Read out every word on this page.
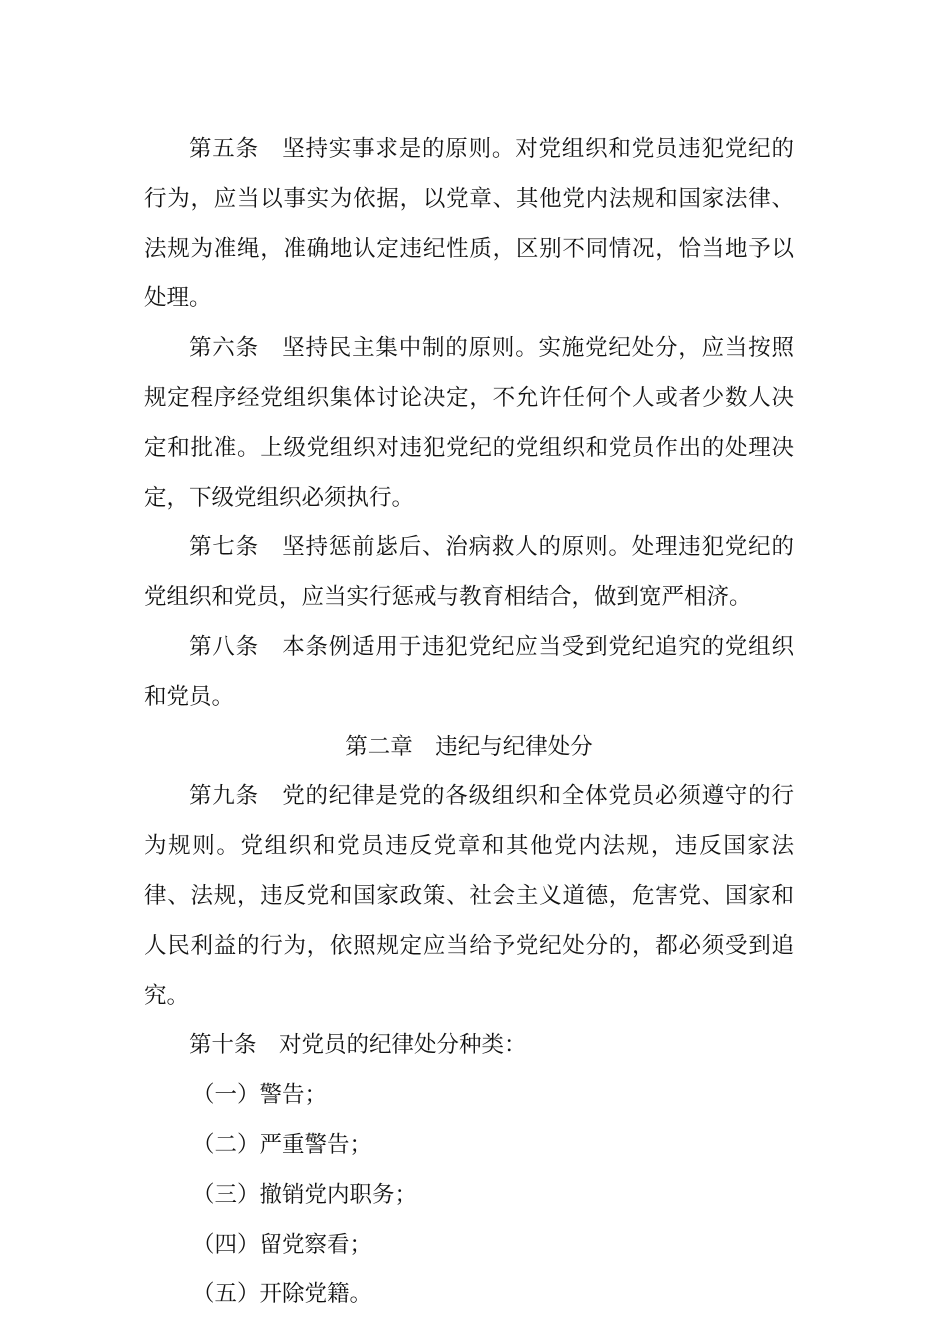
第五条　坚持实事求是的原则。对党组织和党员违犯党纪的行为，应当以事实为依据，以党章、其他党内法规和国家法律、法规为准绳，准确地认定违纪性质，区别不同情况，恰当地予以处理。

第六条　坚持民主集中制的原则。实施党纪处分，应当按照规定程序经党组织集体讨论决定，不允许任何个人或者少数人决定和批准。上级党组织对违犯党纪的党组织和党员作出的处理决定，下级党组织必须执行。

第七条　坚持惩前毖后、治病救人的原则。处理违犯党纪的党组织和党员，应当实行惩戒与教育相结合，做到宽严相济。

第八条　本条例适用于违犯党纪应当受到党纪追究的党组织和党员。

第二章　违纪与纪律处分

第九条　党的纪律是党的各级组织和全体党员必须遵守的行为规则。党组织和党员违反党章和其他党内法规，违反国家法律、法规，违反党和国家政策、社会主义道德，危害党、国家和人民利益的行为，依照规定应当给予党纪处分的，都必须受到追究。

第十条　对党员的纪律处分种类：

（一）警告；

（二）严重警告；

（三）撤销党内职务；

（四）留党察看；

（五）开除党籍。
